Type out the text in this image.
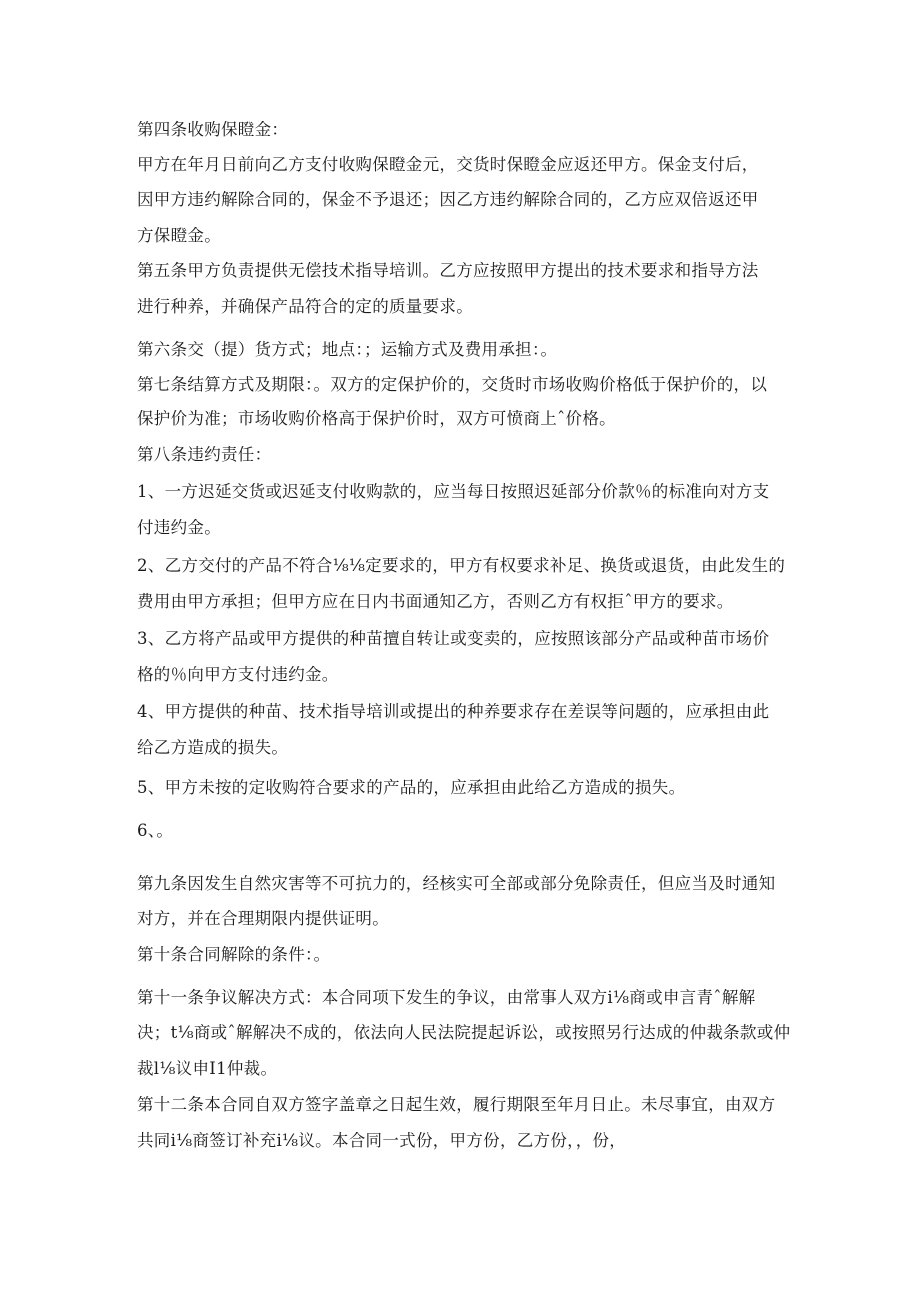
第四条收购保瞪金：
甲方在年月日前向乙方支付收购保瞪金元，交货时保瞪金应返还甲方。保金支付后，
因甲方违约解除合同的，保金不予退还；因乙方违约解除合同的，乙方应双倍返还甲
方保瞪金。
第五条甲方负责提供无偿技术指导培训。乙方应按照甲方提出的技术要求和指导方法
进行种养，并确保产品符合的定的质量要求。
第六条交（提）货方式；地点：；运输方式及费用承担：。
第七条结算方式及期限：。双方的定保护价的，交货时市场收购价格低于保护价的，以
保护价为准；市场收购价格高于保护价时，双方可愤商上ˆ价格。
第八条违约责任：
1、一方迟延交货或迟延支付收购款的，应当每日按照迟延部分价款％的标准向对方支
付违约金。
2、乙方交付的产品不符合⅛⅛定要求的，甲方有权要求补足、换货或退货，由此发生的
费用由甲方承担；但甲方应在日内书面通知乙方，否则乙方有权拒ˆ甲方的要求。
3、乙方将产品或甲方提供的种苗擅自转让或变卖的，应按照该部分产品或种苗市场价
格的％向甲方支付违约金。
4、甲方提供的种苗、技术指导培训或提出的种养要求存在差误等问题的，应承担由此
给乙方造成的损失。
5、甲方未按的定收购符合要求的产品的，应承担由此给乙方造成的损失。
6、。
第九条因发生自然灾害等不可抗力的，经核实可全部或部分免除责任，但应当及时通知
对方，并在合理期限内提供证明。
第十条合同解除的条件：。
第十一条争议解决方式：本合同项下发生的争议，由常事人双方i⅛商或申言青ˆ解解
决；t⅛商或ˆ解解决不成的，依法向人民法院提起诉讼，或按照另行达成的仲裁条款或仲
裁l⅛议申I1仲裁。
第十二条本合同自双方签字盖章之日起生效，履行期限至年月日止。未尽事宜，由双方
共同i⅛商签订补充i⅛议。本合同一式份，甲方份，乙方份，，份，
